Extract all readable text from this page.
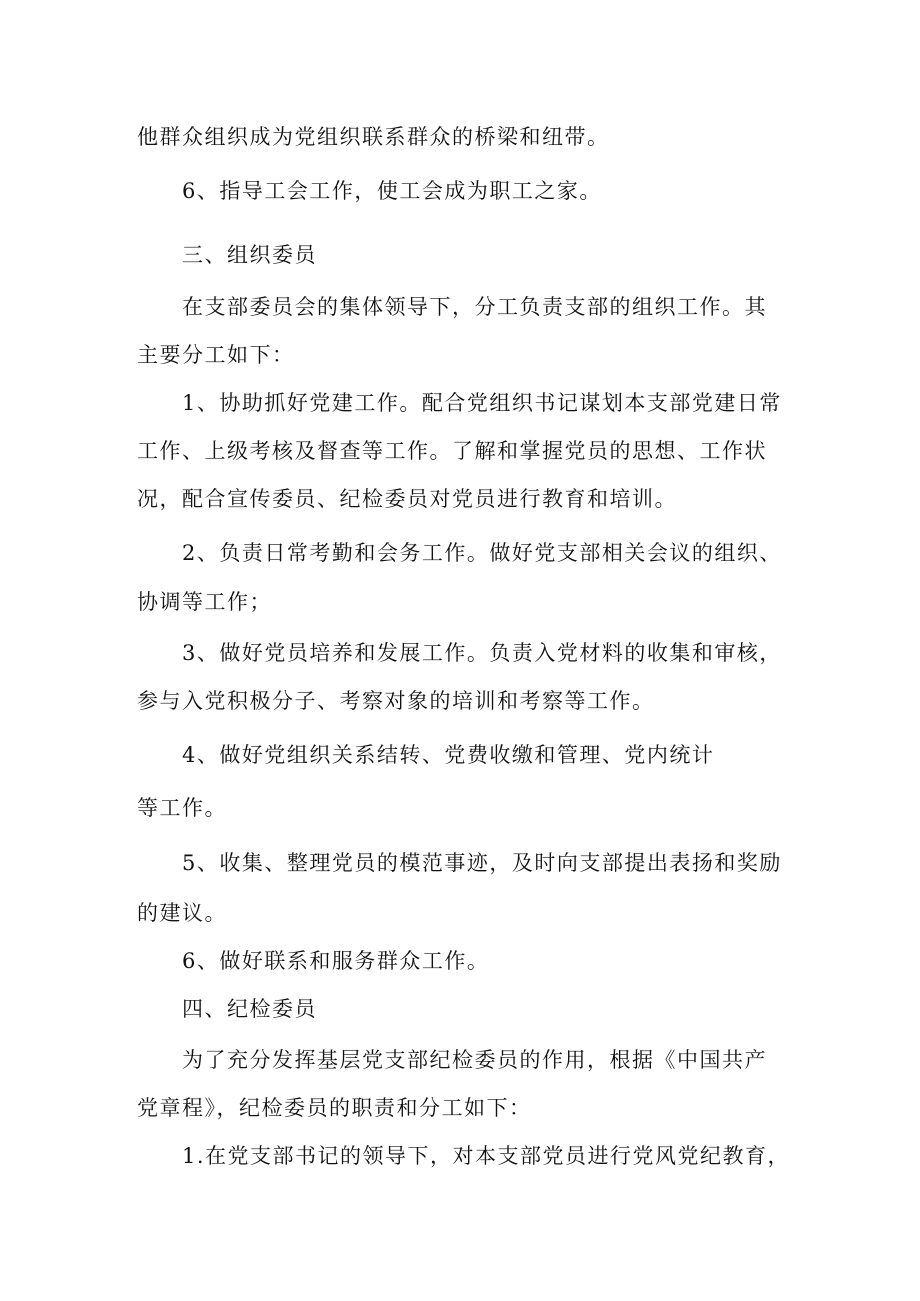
他群众组织成为党组织联系群众的桥梁和纽带。
6、指导工会工作，使工会成为职工之家。
三、组织委员
在支部委员会的集体领导下，分工负责支部的组织工作。其
主要分工如下：
1、协助抓好党建工作。配合党组织书记谋划本支部党建日常
工作、上级考核及督查等工作。了解和掌握党员的思想、工作状
况，配合宣传委员、纪检委员对党员进行教育和培训。
2、负责日常考勤和会务工作。做好党支部相关会议的组织、
协调等工作；
3、做好党员培养和发展工作。负责入党材料的收集和审核，
参与入党积极分子、考察对象的培训和考察等工作。
4、做好党组织关系结转、党费收缴和管理、党内统计
等工作。
5、收集、整理党员的模范事迹，及时向支部提出表扬和奖励
的建议。
6、做好联系和服务群众工作。
四、纪检委员
为了充分发挥基层党支部纪检委员的作用，根据《中国共产
党章程》，纪检委员的职责和分工如下：
1.在党支部书记的领导下，对本支部党员进行党风党纪教育，
